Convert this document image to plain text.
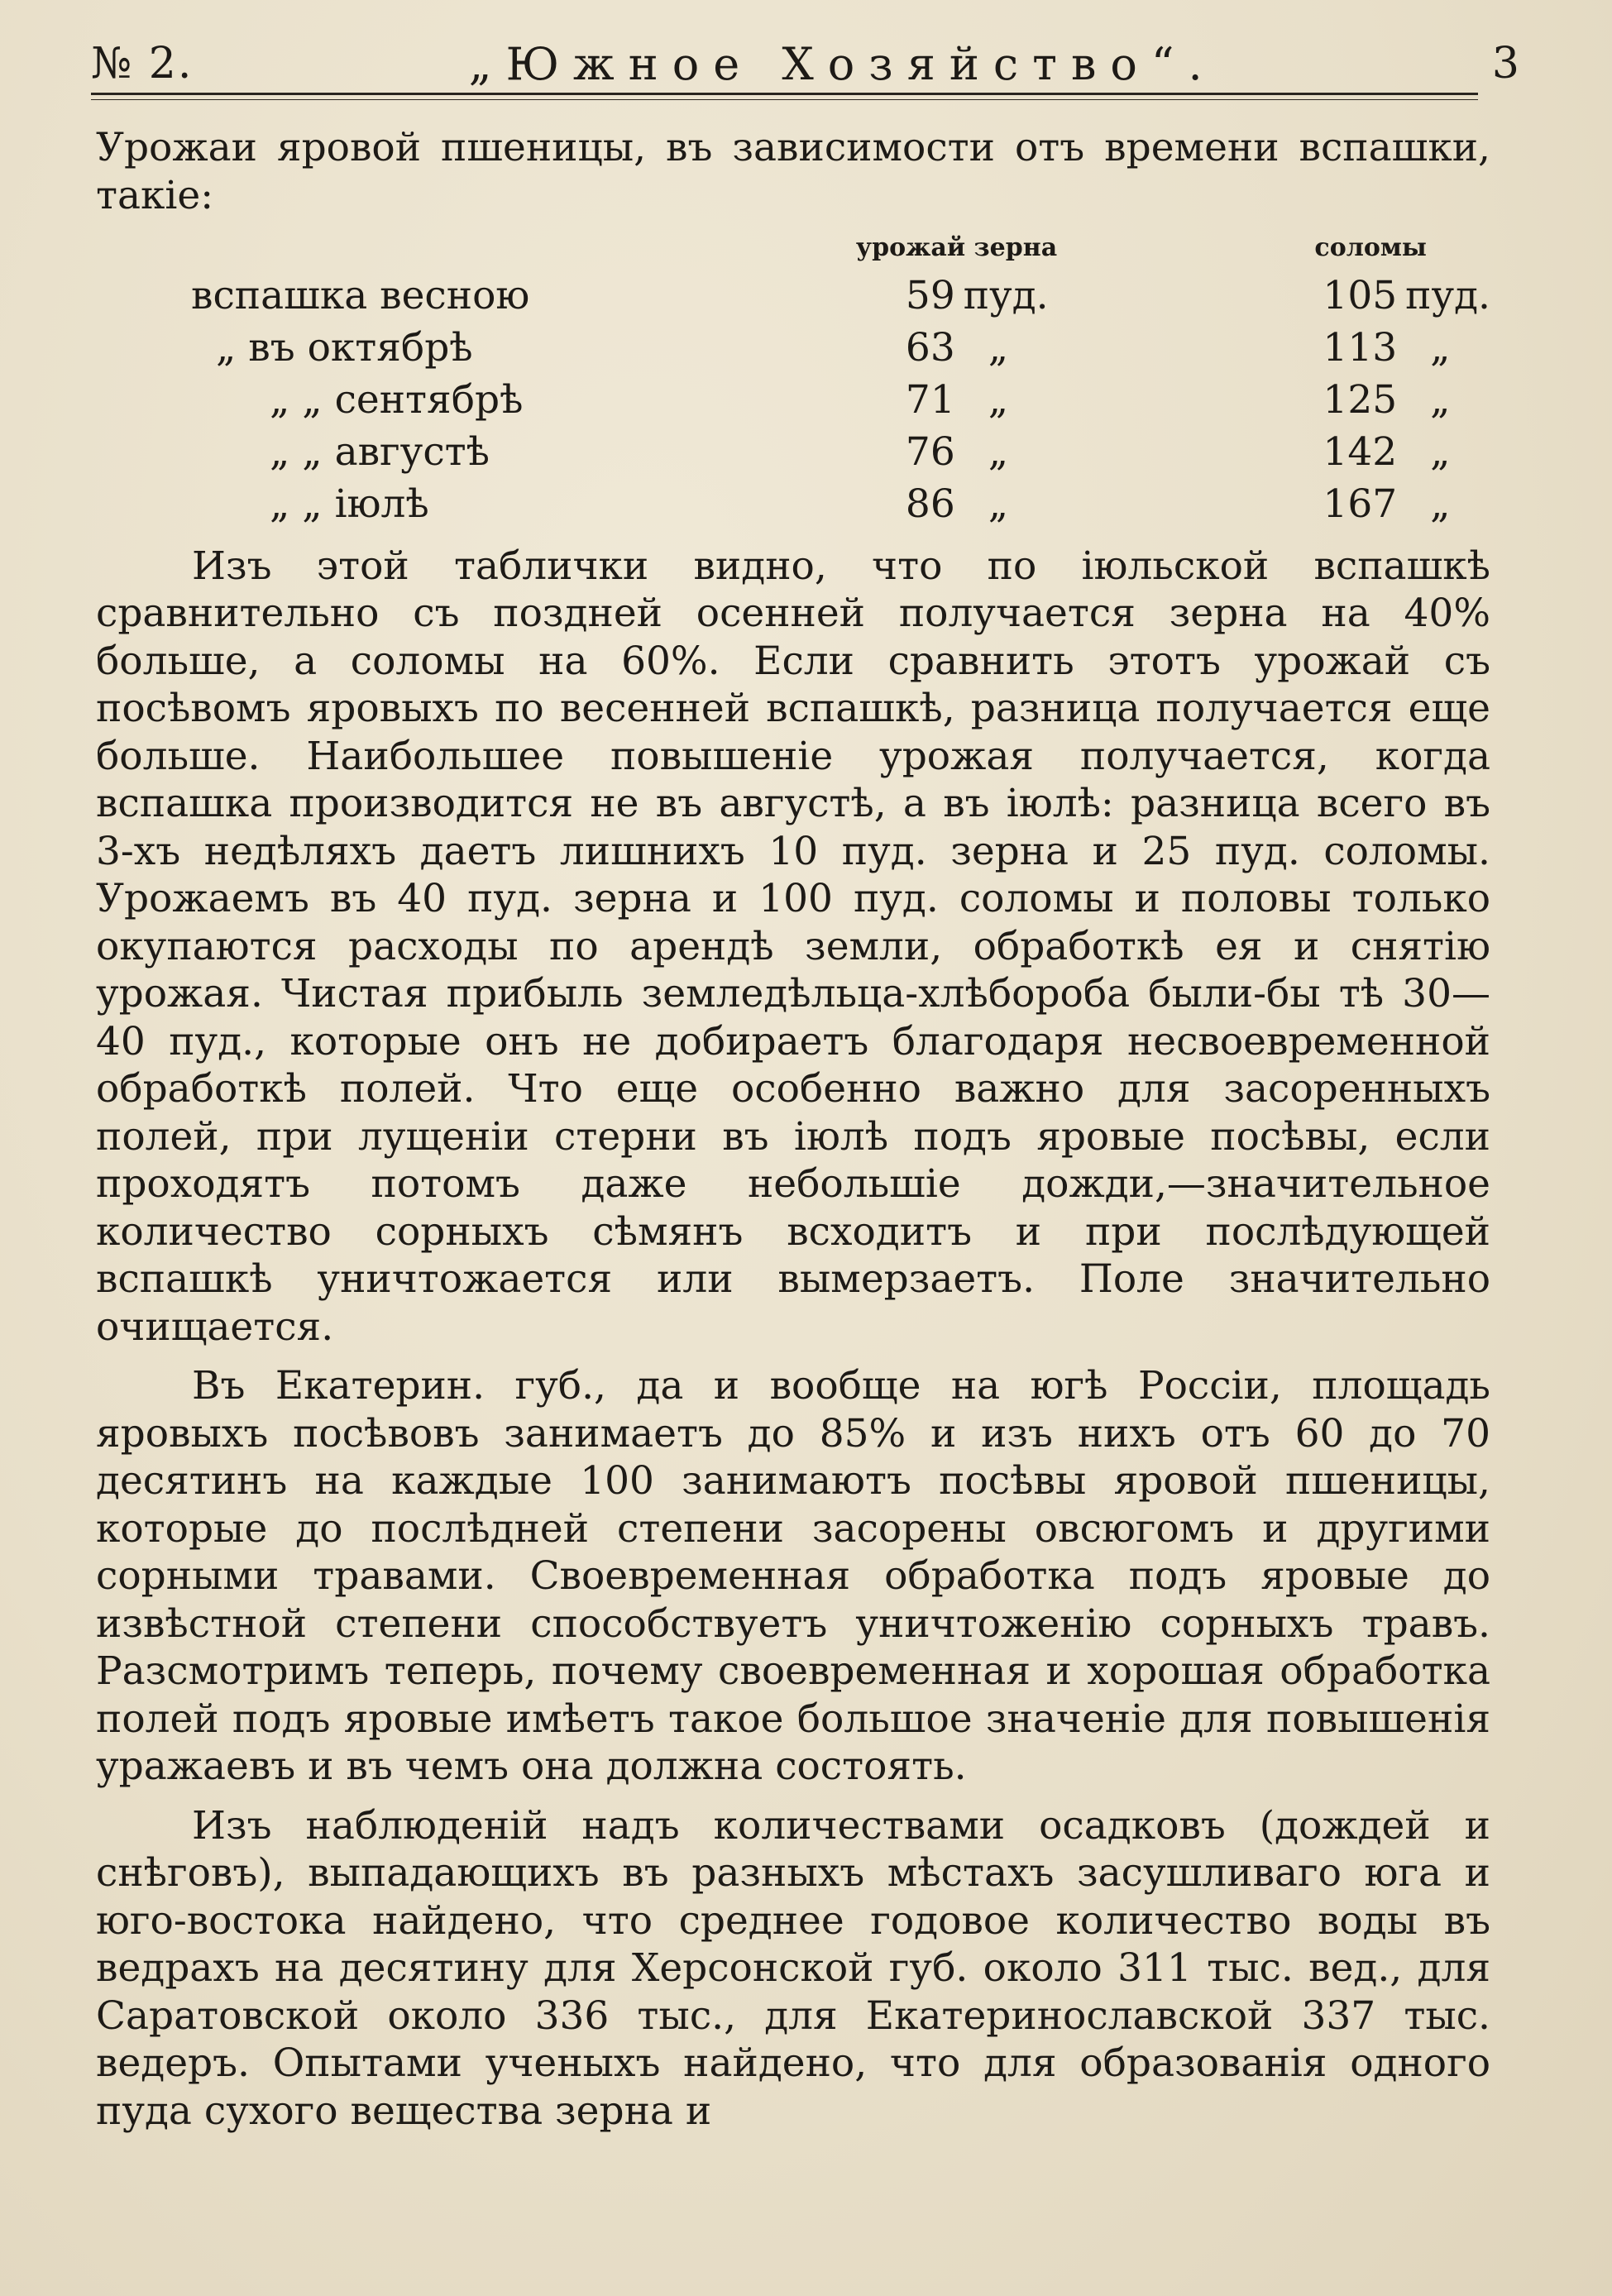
№ 2.	„Южное Хозяйство“.	3

Урожаи яровой пшеницы, въ зависимости отъ времени вспашки, такіе:

	урожай зерна	соломы
вспашка весною	59 пуд.	105 пуд.
„ въ октябрѣ	63 „	113 „
„ „ сентябрѣ	71 „	125 „
„ „ августѣ	76 „	142 „
„ „ іюлѣ	86 „	167 „

Изъ этой таблички видно, что по іюльской вспашкѣ сравнительно съ поздней осенней получается зерна на 40% больше, а соломы на 60%. Если сравнить этотъ урожай съ посѣвомъ яровыхъ по весенней вспашкѣ, разница получается еще больше. Наибольшее повышеніе урожая получается, когда вспашка производится не въ августѣ, а въ іюлѣ: разница всего въ 3-хъ недѣляхъ даетъ лишнихъ 10 пуд. зерна и 25 пуд. соломы. Урожаемъ въ 40 пуд. зерна и 100 пуд. соломы и половы только окупаются расходы по арендѣ земли, обработкѣ ея и снятію урожая. Чистая прибыль земледѣльца-хлѣбороба были-бы тѣ 30—40 пуд., которые онъ не добираетъ благодаря несвоевременной обработкѣ полей. Что еще особенно важно для засоренныхъ полей, при лущеніи стерни въ іюлѣ подъ яровые посѣвы, если проходятъ потомъ даже небольшіе дожди,—значительное количество сорныхъ сѣмянъ всходитъ и при послѣдующей вспашкѣ уничтожается или вымерзаетъ. Поле значительно очищается.

Въ Екатерин. губ., да и вообще на югѣ Россіи, площадь яровыхъ посѣвовъ занимаетъ до 85% и изъ нихъ отъ 60 до 70 десятинъ на каждые 100 занимаютъ посѣвы яровой пшеницы, которые до послѣдней степени засорены овсюгомъ и другими сорными травами. Своевременная обработка подъ яровые до извѣстной степени способствуетъ уничтоженію сорныхъ травъ. Разсмотримъ теперь, почему своевременная и хорошая обработка полей подъ яровые имѣетъ такое большое значеніе для повышенія уражаевъ и въ чемъ она должна состоять.

Изъ наблюденій надъ количествами осадковъ (дождей и снѣговъ), выпадающихъ въ разныхъ мѣстахъ засушливаго юга и юго-востока найдено, что среднее годовое количество воды въ ведрахъ на десятину для Херсонской губ. около 311 тыс. вед., для Саратовской около 336 тыс., для Екатеринославской 337 тыс. ведеръ. Опытами ученыхъ найдено, что для образованія одного пуда сухого вещества зерна и
